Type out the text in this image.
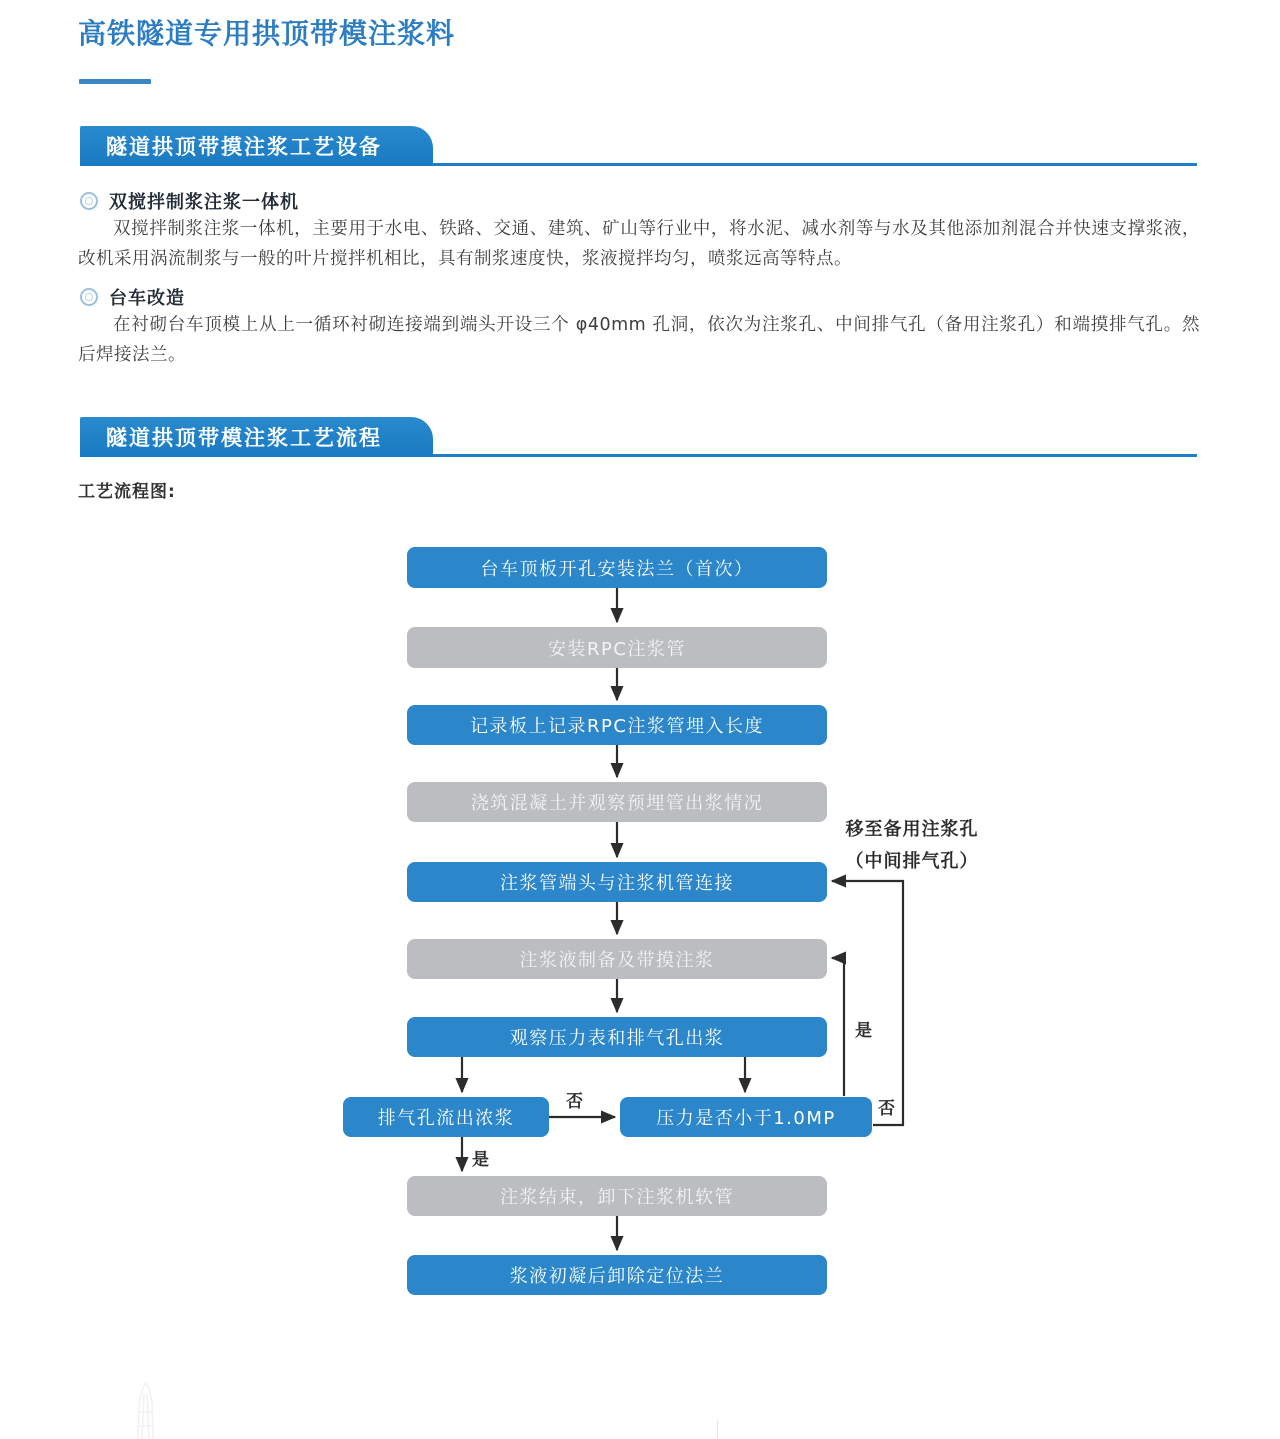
高铁隧道专用拱顶带模注浆料
隧道拱顶带摸注浆工艺设备
双搅拌制浆注浆一体机
双搅拌制浆注浆一体机，主要用于水电、铁路、交通、建筑、矿山等行业中，将水泥、减水剂等与水及其他添加剂混合并快速支撑浆液，改机采用涡流制浆与一般的叶片搅拌机相比，具有制浆速度快，浆液搅拌均匀，喷浆远高等特点。
台车改造
在衬砌台车顶模上从上一循环衬砌连接端到端头开设三个 φ40mm 孔洞，依次为注浆孔、中间排气孔（备用注浆孔）和端摸排气孔。然后焊接法兰。
隧道拱顶带模注浆工艺流程
工艺流程图:
台车顶板开孔安装法兰（首次）
安装RPC注浆管
记录板上记录RPC注浆管埋入长度
浇筑混凝土并观察预埋管出浆情况
注浆管端头与注浆机管连接
注浆液制备及带摸注浆
观察压力表和排气孔出浆
排气孔流出浓浆	压力是否小于1.0MP
注浆结束，卸下注浆机软管
浆液初凝后卸除定位法兰
否
是
是
否
移至备用注浆孔
（中间排气孔）
